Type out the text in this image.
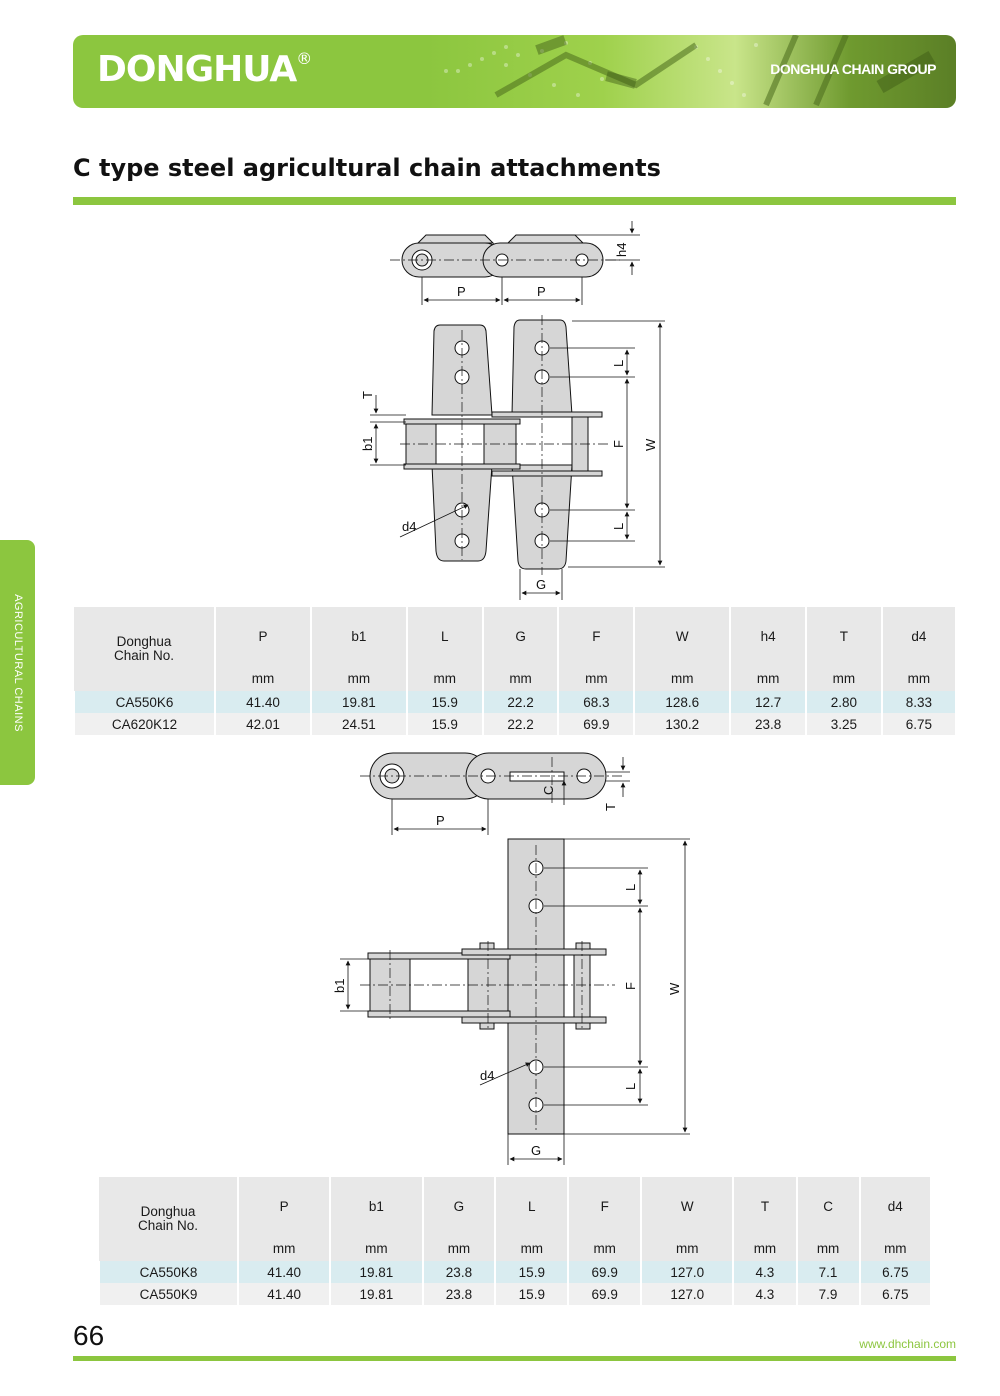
DONGHUA®
DONGHUA CHAIN GROUP
C type steel agricultural chain attachments
AGRICULTURAL CHAINS
P	P
h4
L
F
L
W
T
b1
d4
G
Donghua
Chain No.	P	b1	L	G	F	W	h4	T	d4
	mm	mm	mm	mm	mm	mm	mm	mm	mm
CA550K6	41.40	19.81	15.9	22.2	68.3	128.6	12.7	2.80	8.33
CA620K12	42.01	24.51	15.9	22.2	69.9	130.2	23.8	3.25	6.75
P
C
T
L
F
L
W
b1
d4
G
Donghua
Chain No.	P	b1	G	L	F	W	T	C	d4
	mm	mm	mm	mm	mm	mm	mm	mm	mm
CA550K8	41.40	19.81	23.8	15.9	69.9	127.0	4.3	7.1	6.75
CA550K9	41.40	19.81	23.8	15.9	69.9	127.0	4.3	7.9	6.75
66	www.dhchain.com
